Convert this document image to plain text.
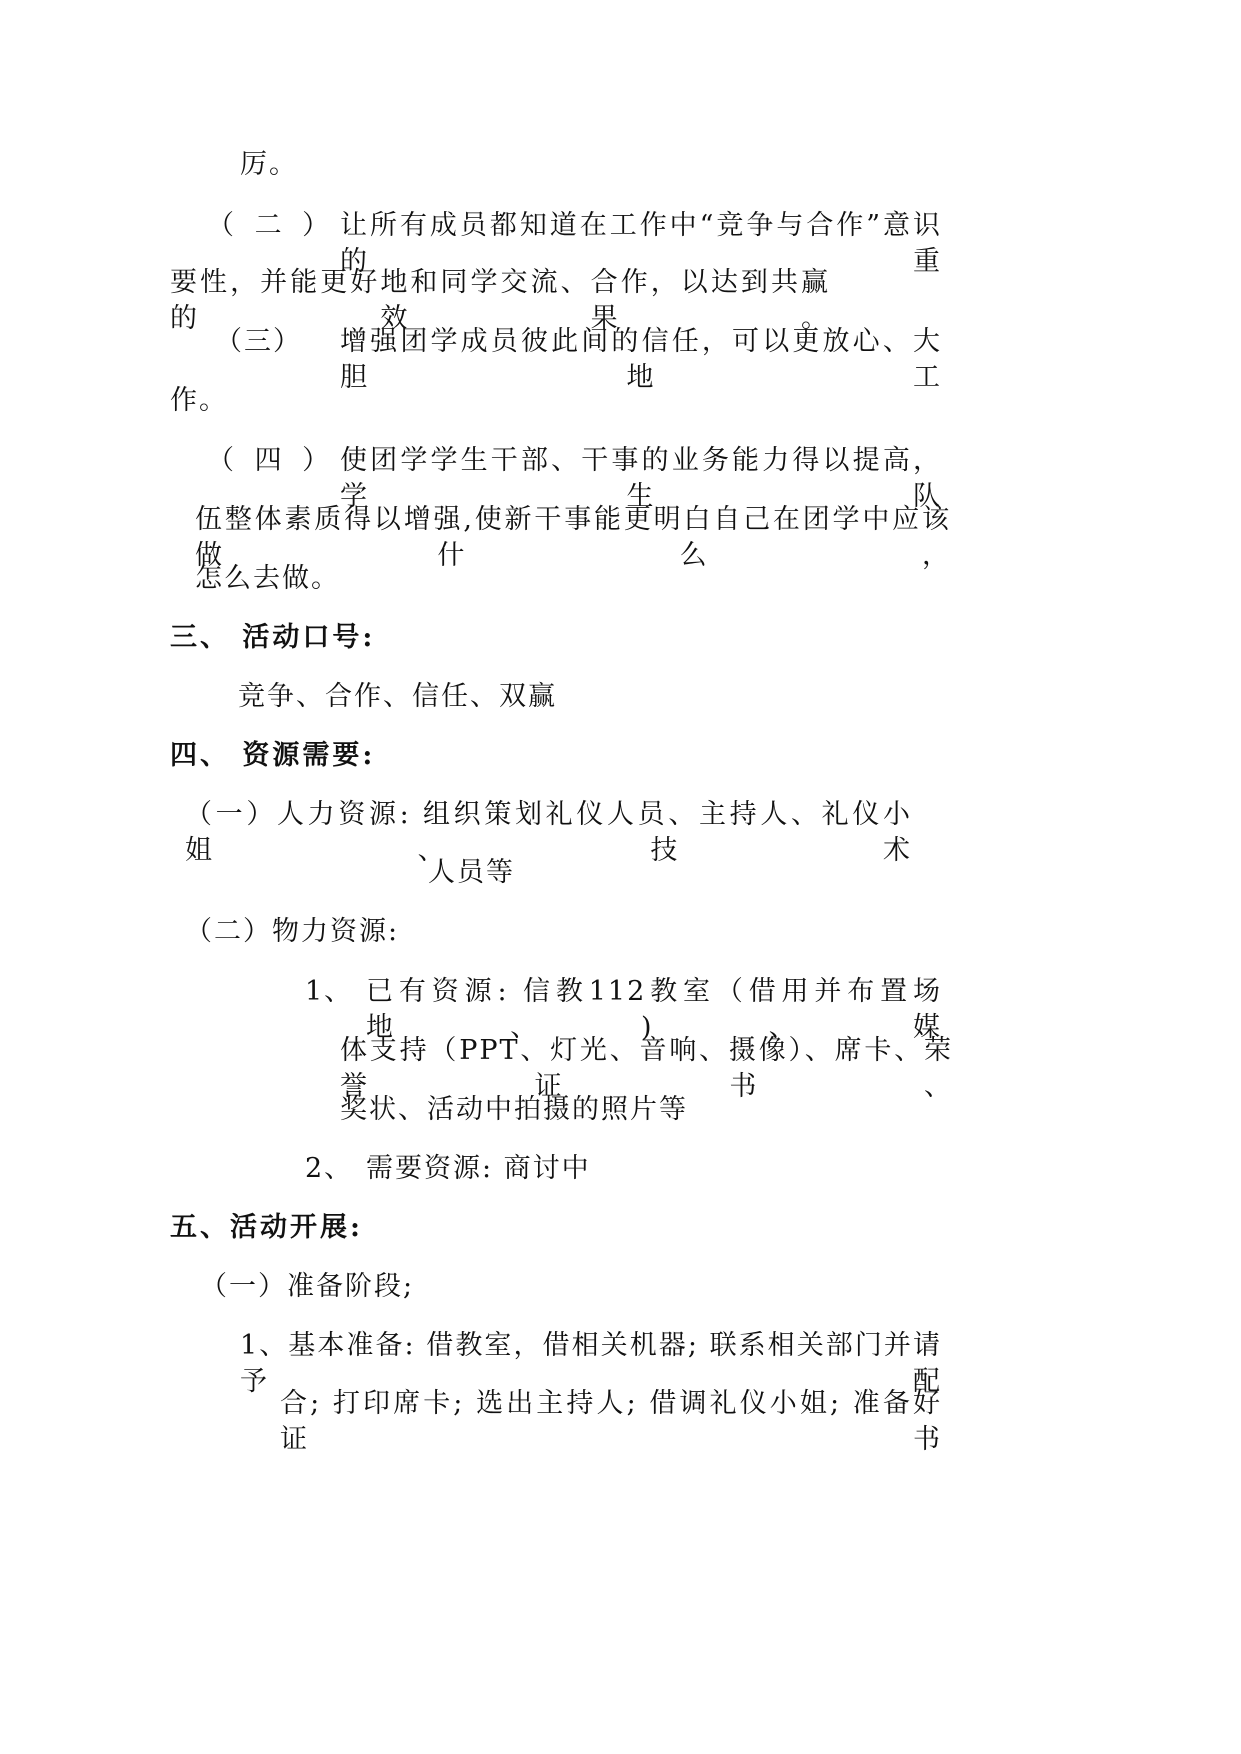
厉。
（ 二 ） 让所有成员都知道在工作中“竞争与合作”意识的重
要性，并能更好地和同学交流、合作，以达到共赢的效果。
（三） 增强团学成员彼此间的信任，可以更放心、大胆地工
作。
（ 四 ） 使团学学生干部、干事的业务能力得以提高，学生队
伍整体素质得以增强,使新干事能更明白自己在团学中应该做什么，
怎么去做。
三、 活动口号:
竞争、合作、信任、双赢
四、 资源需要:
（一）人力资源: 组织策划礼仪人员、主持人、礼仪小姐、技术
人员等
（二）物力资源:
1、 已有资源: 信教112教室（借用并布置场地、)、媒
体支持（PPT、灯光、音响、摄像）、席卡、荣誉证书、
奖状、活动中拍摄的照片等
2、 需要资源: 商讨中
五、活动开展:
（一）准备阶段;
1、基本准备: 借教室，借相关机器; 联系相关部门并请予配
合; 打印席卡; 选出主持人; 借调礼仪小姐; 准备好证书
